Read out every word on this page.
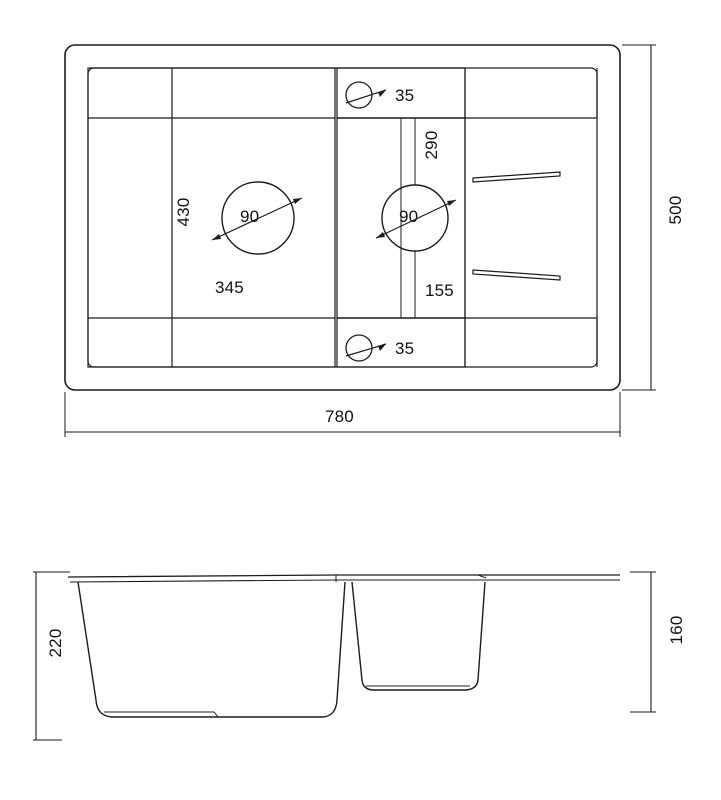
35
35
430
345
90
290
155
90
780
500
220	160
